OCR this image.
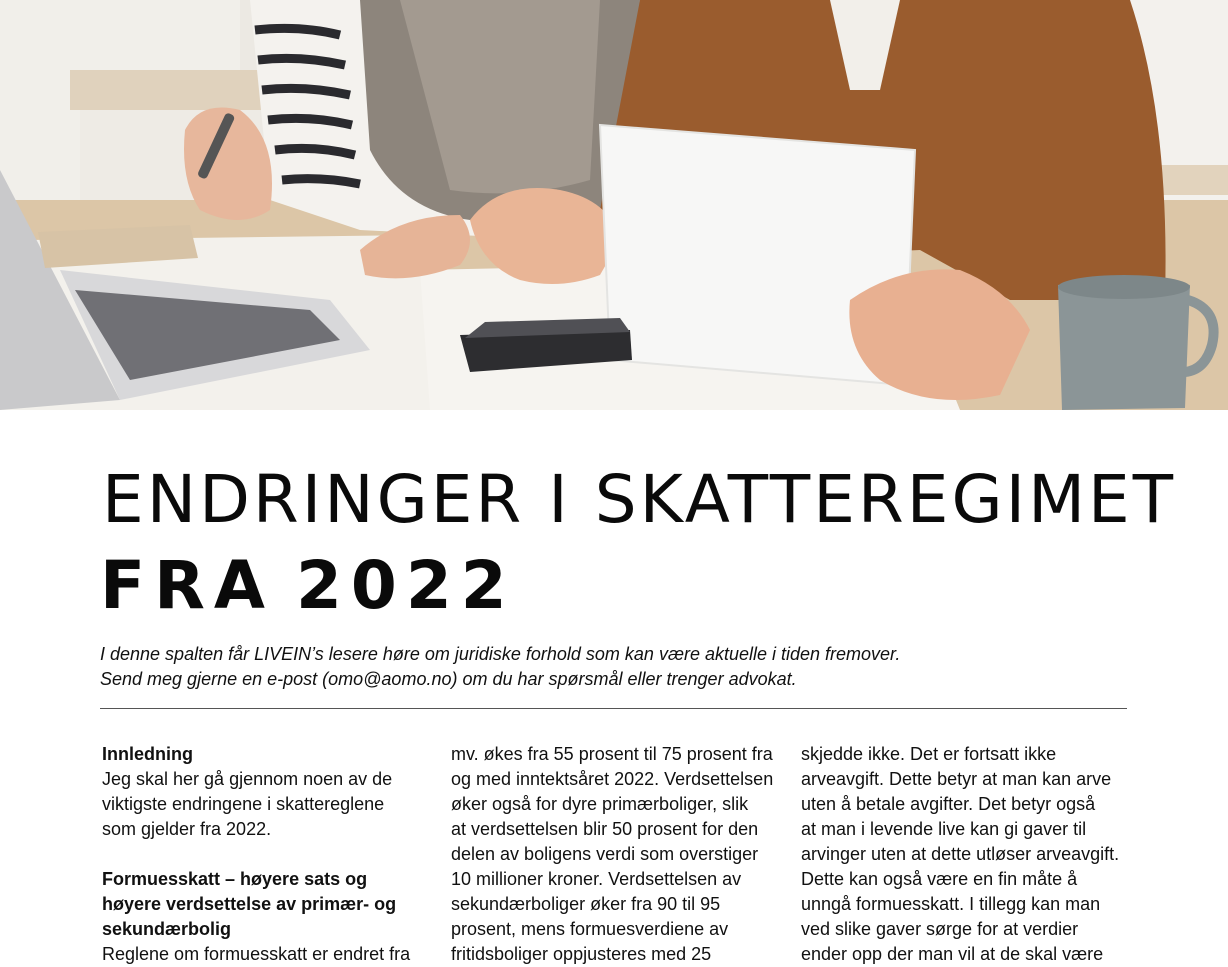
ENDRINGER I SKATTEREGIMET
FRA 2022
I denne spalten får LIVEIN’s lesere høre om juridiske forhold som kan være aktuelle i tiden fremover.
Send meg gjerne en e-post (omo@aomo.no) om du har spørsmål eller trenger advokat.

Innledning

Jeg skal her gå gjennom noen av de

viktigste endringene i skattereglene

som gjelder fra 2022.

Formuesskatt – høyere sats og

høyere verdsettelse av primær- og

sekundærbolig

Reglene om formuesskatt er endret fra

mv. økes fra 55 prosent til 75 prosent fra

og med inntektsåret 2022. Verdsettelsen

øker også for dyre primærboliger, slik

at verdsettelsen blir 50 prosent for den

delen av boligens verdi som overstiger

10 millioner kroner. Verdsettelsen av

sekundærboliger øker fra 90 til 95

prosent, mens formuesverdiene av

fritidsboliger oppjusteres med 25

skjedde ikke. Det er fortsatt ikke

arveavgift. Dette betyr at man kan arve

uten å betale avgifter. Det betyr også

at man i levende live kan gi gaver til

arvinger uten at dette utløser arveavgift.

Dette kan også være en fin måte å

unngå formuesskatt. I tillegg kan man

ved slike gaver sørge for at verdier

ender opp der man vil at de skal være
